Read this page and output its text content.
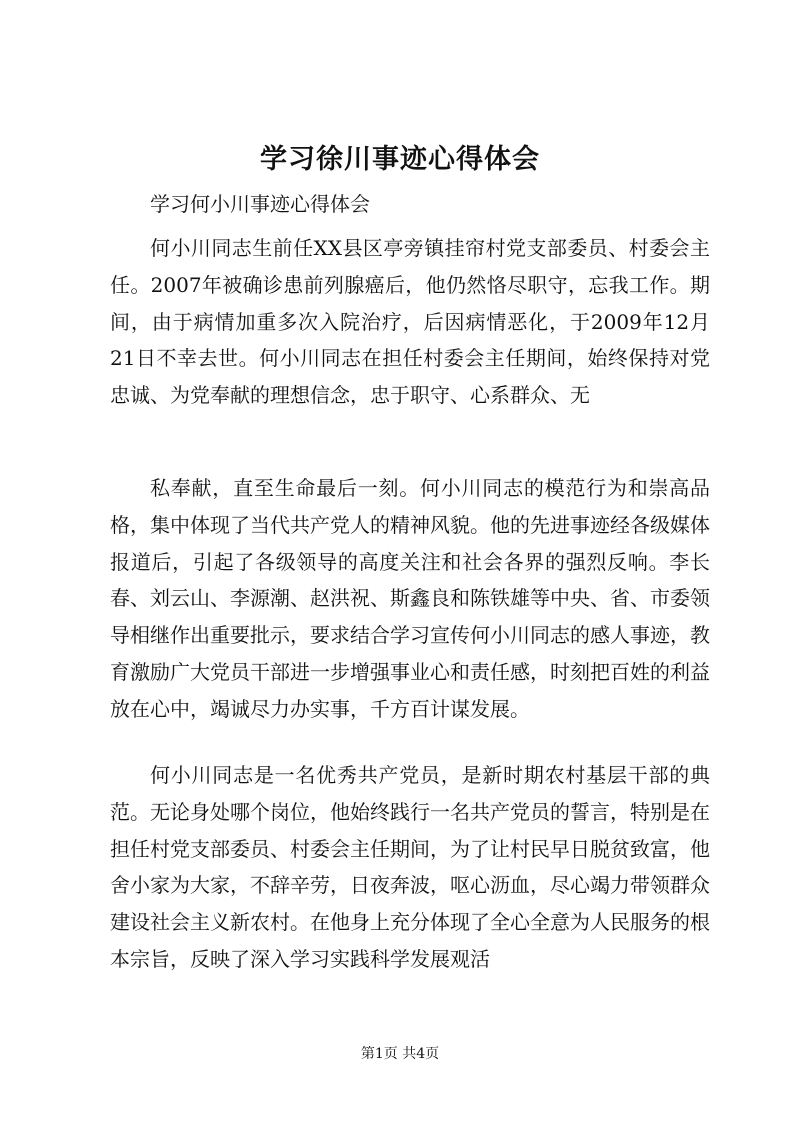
学习徐川事迹心得体会
学习何小川事迹心得体会

何小川同志生前任XX县区亭旁镇挂帘村党支部委员、村委会主任。2007年被确诊患前列腺癌后，他仍然恪尽职守，忘我工作。期间，由于病情加重多次入院治疗，后因病情恶化，于2009年12月21日不幸去世。何小川同志在担任村委会主任期间，始终保持对党忠诚、为党奉献的理想信念，忠于职守、心系群众、无

私奉献，直至生命最后一刻。何小川同志的模范行为和崇高品格，集中体现了当代共产党人的精神风貌。他的先进事迹经各级媒体报道后，引起了各级领导的高度关注和社会各界的强烈反响。李长春、刘云山、李源潮、赵洪祝、斯鑫良和陈铁雄等中央、省、市委领导相继作出重要批示，要求结合学习宣传何小川同志的感人事迹，教育激励广大党员干部进一步增强事业心和责任感，时刻把百姓的利益放在心中，竭诚尽力办实事，千方百计谋发展。

何小川同志是一名优秀共产党员，是新时期农村基层干部的典范。无论身处哪个岗位，他始终践行一名共产党员的誓言，特别是在担任村党支部委员、村委会主任期间，为了让村民早日脱贫致富，他舍小家为大家，不辞辛劳，日夜奔波，呕心沥血，尽心竭力带领群众建设社会主义新农村。在他身上充分体现了全心全意为人民服务的根本宗旨，反映了深入学习实践科学发展观活

第1页 共4页
